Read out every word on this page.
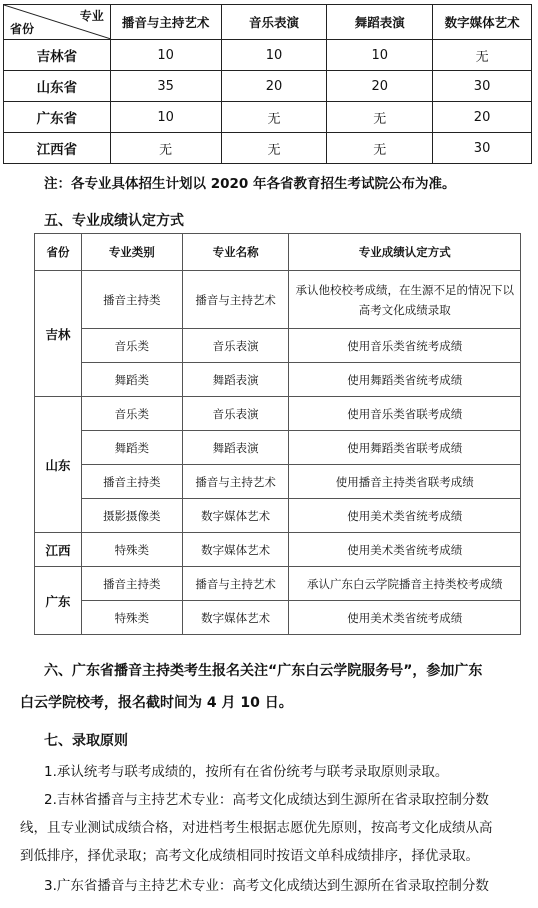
专业
省份	播音与主持艺术	音乐表演	舞蹈表演	数字媒体艺术
吉林省	10	10	10	无
山东省	35	20	20	30
广东省	10	无	无	20
江西省	无	无	无	30
注：各专业具体招生计划以 2020 年各省教育招生考试院公布为准。
五、专业成绩认定方式
省份	专业类别	专业名称	专业成绩认定方式
吉林	播音主持类	播音与主持艺术	承认他校校考成绩，在生源不足的情况下以高考文化成绩录取
	音乐类	音乐表演	使用音乐类省统考成绩
	舞蹈类	舞蹈表演	使用舞蹈类省统考成绩
山东	音乐类	音乐表演	使用音乐类省联考成绩
	舞蹈类	舞蹈表演	使用舞蹈类省联考成绩
	播音主持类	播音与主持艺术	使用播音主持类省联考成绩
	摄影摄像类	数字媒体艺术	使用美术类省统考成绩
江西	特殊类	数字媒体艺术	使用美术类省统考成绩
广东	播音主持类	播音与主持艺术	承认广东白云学院播音主持类校考成绩
	特殊类	数字媒体艺术	使用美术类省统考成绩
六、广东省播音主持类考生报名关注“广东白云学院服务号”，参加广东
白云学院校考，报名截时间为 4 月 10 日。
七、录取原则
1.承认统考与联考成绩的，按所有在省份统考与联考录取原则录取。
2.吉林省播音与主持艺术专业：高考文化成绩达到生源所在省录取控制分数
线，且专业测试成绩合格，对进档考生根据志愿优先原则，按高考文化成绩从高
到低排序，择优录取；高考文化成绩相同时按语文单科成绩排序，择优录取。
3.广东省播音与主持艺术专业：高考文化成绩达到生源所在省录取控制分数
